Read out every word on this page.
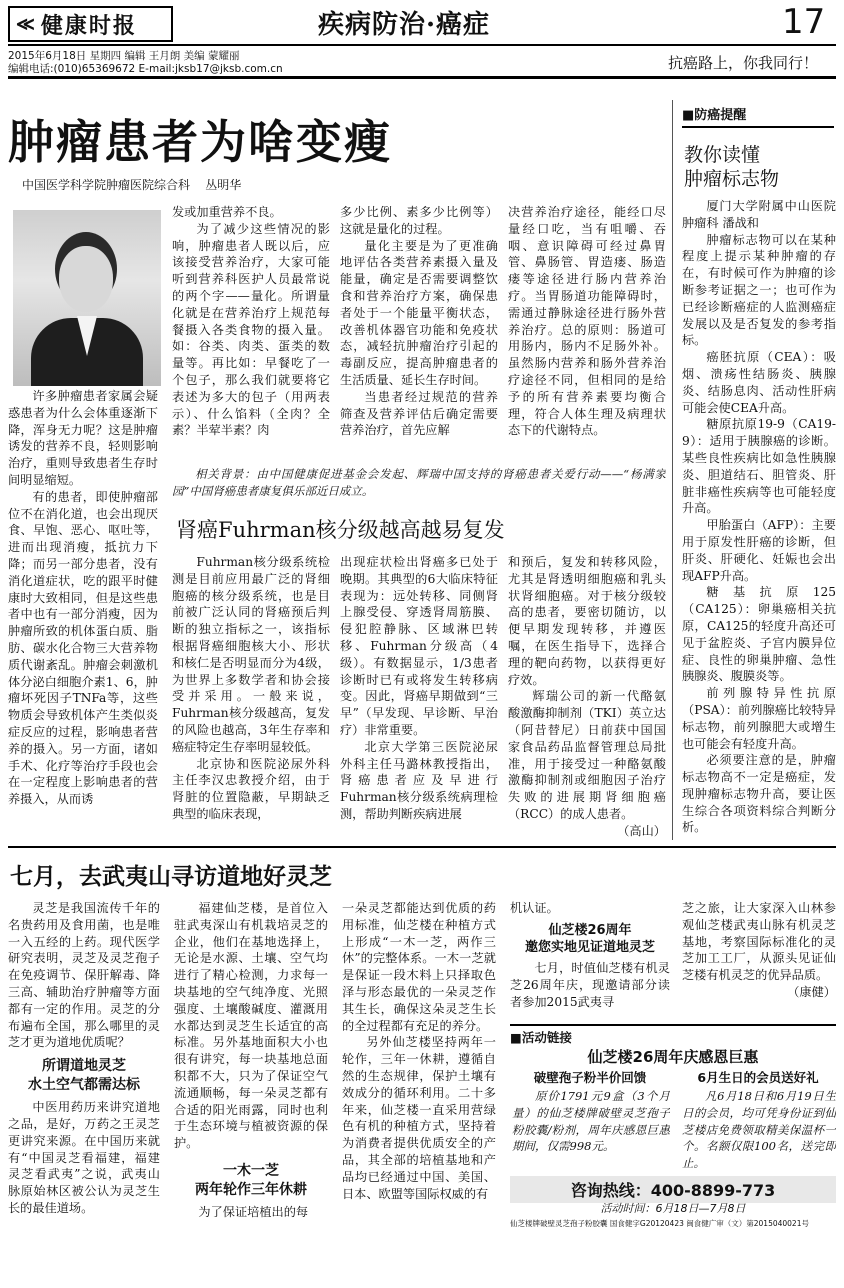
≪ 健康时报	疾病防治·癌症	17
2015年6月18日 星期四 编辑 王月朗 美编 蒙耀丽
编辑电话:(010)65369672 E-mail:jksb17@jksb.com.cn	抗癌路上，你我同行！
肿瘤患者为啥变瘦
中国医学科学院肿瘤医院综合科    丛明华

许多肿瘤患者家属会疑惑患者为什么会体重逐渐下降，浑身无力呢？这是肿瘤诱发的营养不良，轻则影响治疗，重则导致患者生存时间明显缩短。

有的患者，即使肿瘤部位不在消化道，也会出现厌食、早饱、恶心、呕吐等，进而出现消瘦，抵抗力下降；而另一部分患者，没有消化道症状，吃的跟平时健康时大致相同，但是这些患者中也有一部分消瘦，因为肿瘤所致的机体蛋白质、脂肪、碳水化合物三大营养物质代谢紊乱。肿瘤会刺激机体分泌白细胞介素1、6，肿瘤坏死因子TNFa等，这些物质会导致机体产生类似炎症反应的过程，影响患者营养的摄入。另一方面，诸如手术、化疗等治疗手段也会在一定程度上影响患者的营养摄入，从而诱

发或加重营养不良。

为了减少这些情况的影响，肿瘤患者人既以后，应该接受营养治疗，大家可能听到营养科医护人员最常说的两个字——量化。所谓量化就是在营养治疗上规范每餐摄入各类食物的摄入量。如：谷类、肉类、蛋类的数量等。再比如：早餐吃了一个包子，那么我们就要将它表述为多大的包子（用两表示）、什么馅料（全肉？全素？半荤半素？肉

多少比例、素多少比例等）这就是量化的过程。

量化主要是为了更准确地评估各类营养素摄入量及能量，确定是否需要调整饮食和营养治疗方案，确保患者处于一个能量平衡状态，改善机体器官功能和免疫状态，减轻抗肿瘤治疗引起的毒副反应，提高肿瘤患者的生活质量、延长生存时间。

当患者经过规范的营养筛查及营养评估后确定需要营养治疗，首先应解

决营养治疗途径，能经口尽量经口吃，当有咀嚼、吞咽、意识障碍可经过鼻胃管、鼻肠管、胃造瘘、肠造瘘等途径进行肠内营养治疗。当胃肠道功能障碍时，需通过静脉途径进行肠外营养治疗。总的原则：肠道可用肠内，肠内不足肠外补。虽然肠内营养和肠外营养治疗途径不同，但相同的是给予的所有营养素要均衡合理，符合人体生理及病理状态下的代谢特点。

相关背景：由中国健康促进基金会发起、辉瑞中国支持的肾癌患者关爱行动——“杨满家园”中国肾癌患者康复俱乐部近日成立。
肾癌Fuhrman核分级越高越易复发

Fuhrman核分级系统检测是目前应用最广泛的肾细胞癌的核分级系统，也是目前被广泛认同的肾癌预后判断的独立指标之一，该指标根据肾癌细胞核大小、形状和核仁是否明显而分为4级，为世界上多数学者和协会接受并采用。一般来说，Fuhrman核分级越高，复发的风险也越高，3年生存率和癌症特定生存率明显较低。

北京协和医院泌尿外科主任李汉忠教授介绍，由于肾脏的位置隐蔽，早期缺乏典型的临床表现，

出现症状检出肾癌多已处于晚期。其典型的6大临床特征表现为：远处转移、同侧肾上腺受侵、穿透肾周筋膜、侵犯腔静脉、区域淋巴转移、Fuhrman分级高（4级）。有数据显示，1/3患者诊断时已有或将发生转移病变。因此，肾癌早期做到“三早”（早发现、早诊断、早治疗）非常重要。

北京大学第三医院泌尿外科主任马潞林教授指出，肾癌患者应及早进行Fuhrman核分级系统病理检测，帮助判断疾病进展

和预后，复发和转移风险，尤其是肾透明细胞癌和乳头状肾细胞癌。对于核分级较高的患者，要密切随访，以便早期发现转移，并遵医嘱，在医生指导下，选择合理的靶向药物，以获得更好疗效。

辉瑞公司的新一代酪氨酸激酶抑制剂（TKI）英立达（阿昔替尼）日前获中国国家食品药品监督管理总局批准，用于接受过一种酪氨酸激酶抑制剂或细胞因子治疗失败的进展期肾细胞癌（RCC）的成人患者。

（高山）
■防癌提醒
教你读懂
肿瘤标志物

厦门大学附属中山医院肿瘤科 潘战和

肿瘤标志物可以在某种程度上提示某种肿瘤的存在，有时候可作为肿瘤的诊断参考证据之一；也可作为已经诊断癌症的人监测癌症发展以及是否复发的参考指标。

癌胚抗原（CEA）：吸烟、溃疡性结肠炎、胰腺炎、结肠息肉、活动性肝病可能会使CEA升高。

糖原抗原19-9（CA19-9）：适用于胰腺癌的诊断。某些良性疾病比如急性胰腺炎、胆道结石、胆管炎、肝脏非癌性疾病等也可能轻度升高。

甲胎蛋白（AFP）：主要用于原发性肝癌的诊断，但肝炎、肝硬化、妊娠也会出现AFP升高。

糖基抗原125（CA125）：卵巢癌相关抗原，CA125的轻度升高还可见于盆腔炎、子宫内膜异位症、良性的卵巢肿瘤、急性胰腺炎、腹膜炎等。

前列腺特异性抗原（PSA）：前列腺癌比较特异标志物，前列腺肥大或增生也可能会有轻度升高。

必须要注意的是，肿瘤标志物高不一定是癌症，发现肿瘤标志物升高，要让医生综合各项资料综合判断分析。

七月，去武夷山寻访道地好灵芝

灵芝是我国流传千年的名贵药用及食用菌，也是唯一入五经的上药。现代医学研究表明，灵芝及灵芝孢子在免疫调节、保肝解毒、降三高、辅助治疗肿瘤等方面都有一定的作用。灵芝的分布遍布全国，那么哪里的灵芝才更为道地优质呢？

所谓道地灵芝
水土空气都需达标

中医用药历来讲究道地之品，是好，万药之王灵芝更讲究来源。在中国历来就有“中国灵芝看福建，福建灵芝看武夷”之说，武夷山脉原始林区被公认为灵芝生长的最佳道场。

福建仙芝楼，是首位入驻武夷深山有机栽培灵芝的企业，他们在基地选择上，无论是水源、土壤、空气均进行了精心检测，力求每一块基地的空气纯净度、光照强度、土壤酸碱度、灌溉用水都达到灵芝生长适宜的高标准。另外基地面积大小也很有讲究，每一块基地总面积都不大，只为了保证空气流通顺畅，每一朵灵芝都有合适的阳光雨露，同时也利于生态环境与植被资源的保护。

一木一芝
两年轮作三年休耕

为了保证培植出的每

一朵灵芝都能达到优质的药用标准，仙芝楼在种植方式上形成“一木一芝，两作三休”的完整体系。一木一芝就是保证一段木料上只择取色泽与形态最优的一朵灵芝作其生长，确保这朵灵芝生长的全过程都有充足的养分。

另外仙芝楼坚持两年一轮作，三年一休耕，遵循自然的生态规律，保护土壤有效成分的循环利用。二十多年来，仙芝楼一直采用营绿色有机的种植方式，坚持着为消费者提供优质安全的产品，其全部的培植基地和产品均已经通过中国、美国、日本、欧盟等国际权威的有

机认证。

仙芝楼26周年
邀您实地见证道地灵芝

七月，时值仙芝楼有机灵芝26周年庆，现邀请部分读者参加2015武夷寻

芝之旅，让大家深入山林参观仙芝楼武夷山脉有机灵芝基地，考察国际标准化的灵芝加工工厂，从源头见证仙芝楼有机灵芝的优异品质。

（康健）
■活动链接
仙芝楼26周年庆感恩巨惠
破壁孢子粉半价回馈	6月生日的会员送好礼
原价1791元9盒（3个月量）的仙芝楼牌破壁灵芝孢子粉胶囊/粉剂，周年庆感恩巨惠期间，仅需998元。
凡6月18日和6月19日生日的会员，均可凭身份证到仙芝楼店免费领取精美保温杯一个。名额仅限100名，送完即止。
咨询热线：400-8899-773
活动时间：6月18日—7月8日
仙芝楼牌破壁灵芝孢子粉胶囊 国食健字G20120423 闽食健广审（文）第2015040021号
